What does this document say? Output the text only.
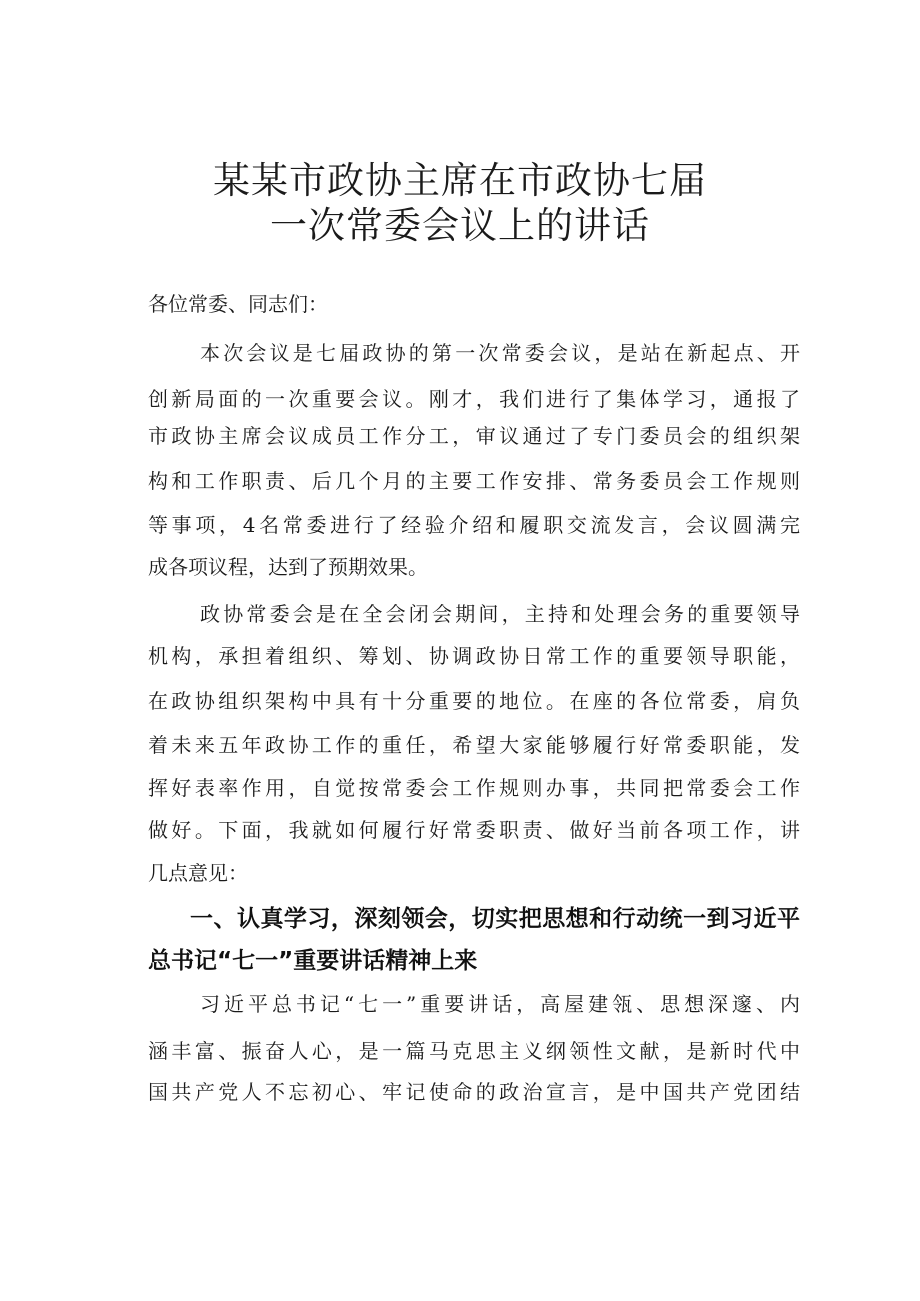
某某市政协主席在市政协七届
一次常委会议上的讲话
各位常委、同志们：
本次会议是七届政协的第一次常委会议，是站在新起点、开
创新局面的一次重要会议。刚才，我们进行了集体学习，通报了
市政协主席会议成员工作分工，审议通过了专门委员会的组织架
构和工作职责、后几个月的主要工作安排、常务委员会工作规则
等事项，4名常委进行了经验介绍和履职交流发言，会议圆满完
成各项议程，达到了预期效果。
政协常委会是在全会闭会期间，主持和处理会务的重要领导
机构，承担着组织、筹划、协调政协日常工作的重要领导职能，
在政协组织架构中具有十分重要的地位。在座的各位常委，肩负
着未来五年政协工作的重任，希望大家能够履行好常委职能，发
挥好表率作用，自觉按常委会工作规则办事，共同把常委会工作
做好。下面，我就如何履行好常委职责、做好当前各项工作，讲
几点意见：
一、认真学习，深刻领会，切实把思想和行动统一到习近平
总书记“七一”重要讲话精神上来
习近平总书记“七一”重要讲话，高屋建瓴、思想深邃、内
涵丰富、振奋人心，是一篇马克思主义纲领性文献，是新时代中
国共产党人不忘初心、牢记使命的政治宣言，是中国共产党团结
